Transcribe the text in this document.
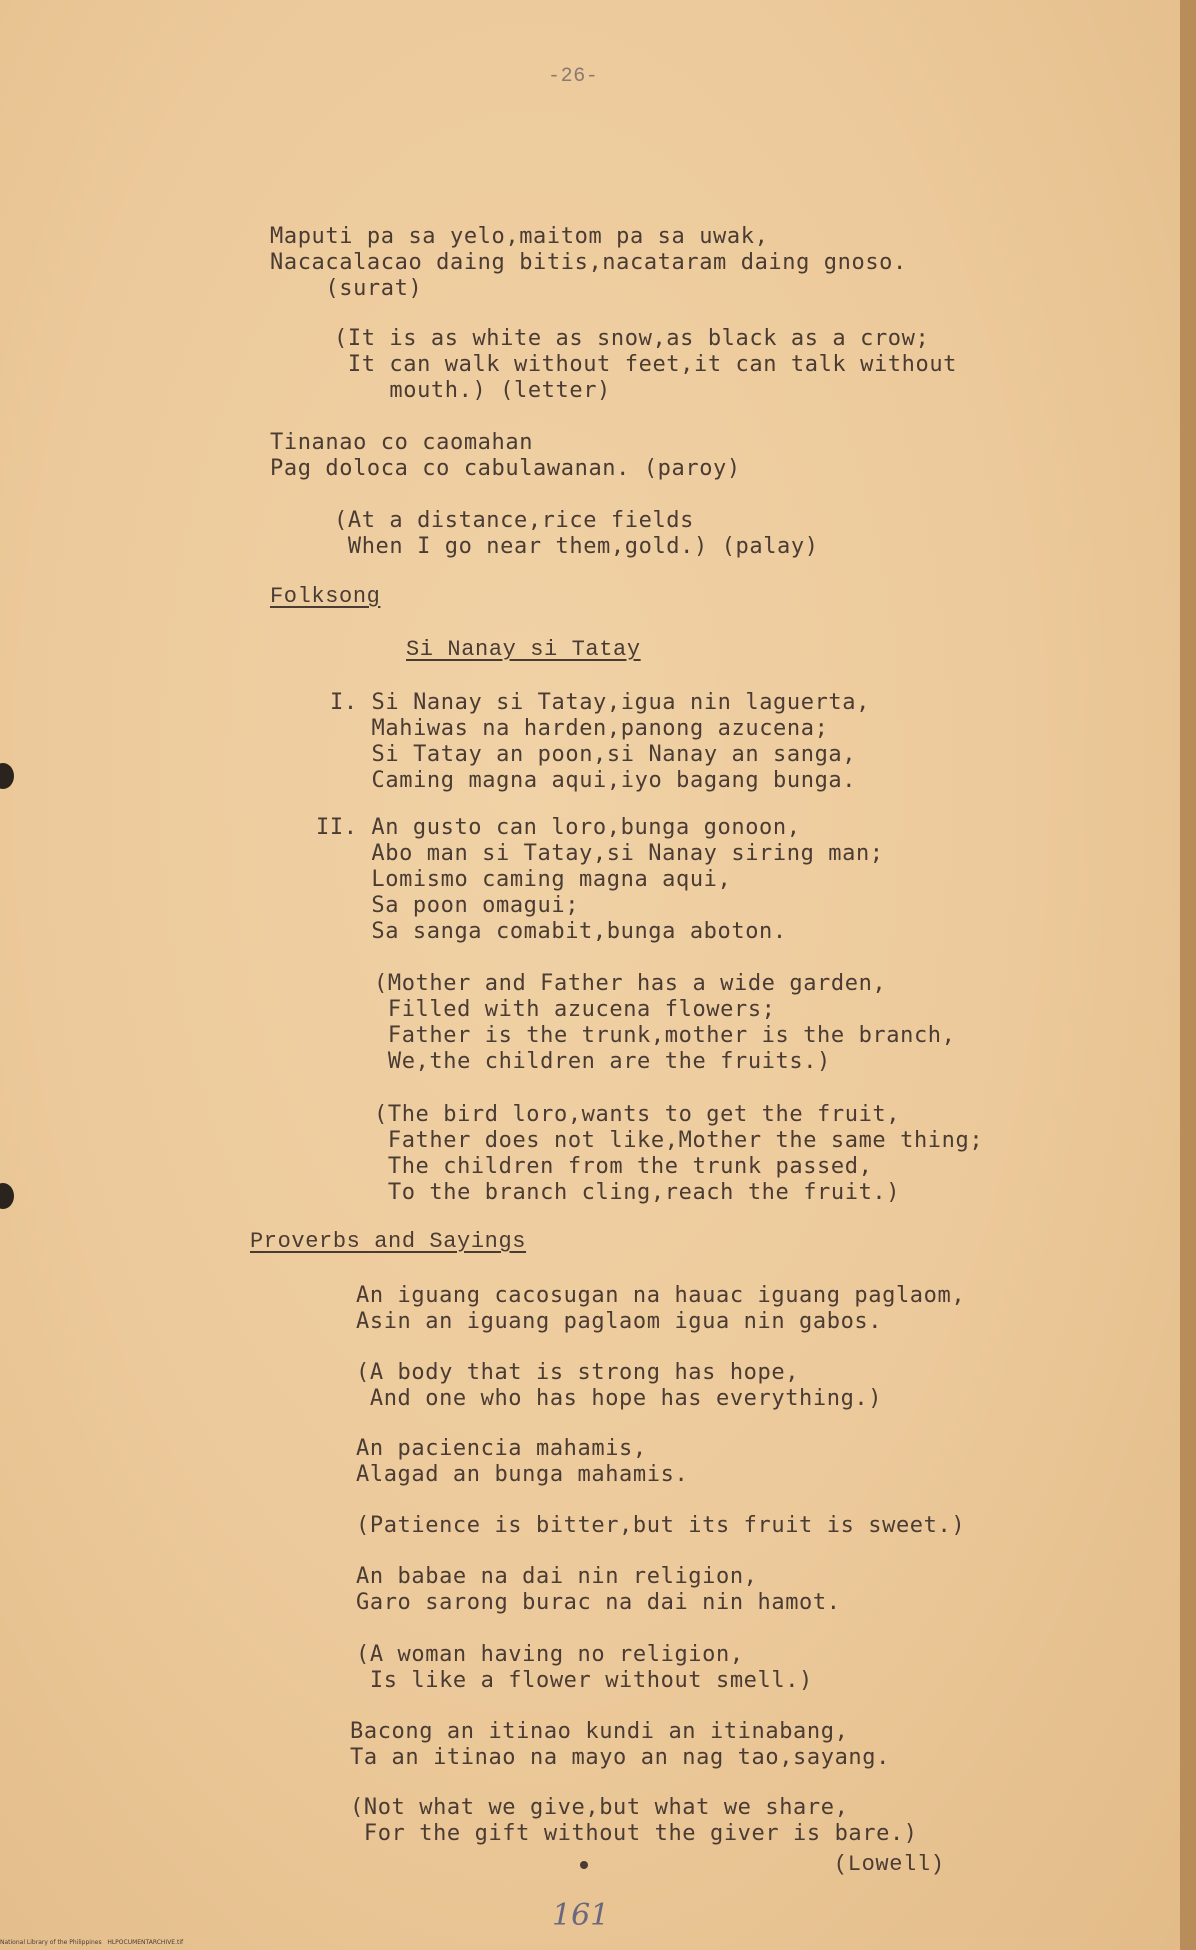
-26-
Maputi pa sa yelo,maitom pa sa uwak,
Nacacalacao daing bitis,nacataram daing gnoso.
(surat)
(It is as white as snow,as black as a crow;
It can walk without feet,it can talk without
mouth.) (letter)
Tinanao co caomahan
Pag doloca co cabulawanan. (paroy)
(At a distance,rice fields
When I go near them,gold.) (palay)
Folksong
Si Nanay si Tatay
I. Si Nanay si Tatay,igua nin laguerta,
Mahiwas na harden,panong azucena;
Si Tatay an poon,si Nanay an sanga,
Caming magna aqui,iyo bagang bunga.
II. An gusto can loro,bunga gonoon,
Abo man si Tatay,si Nanay siring man;
Lomismo caming magna aqui,
Sa poon omagui;
Sa sanga comabit,bunga aboton.
(Mother and Father has a wide garden,
Filled with azucena flowers;
Father is the trunk,mother is the branch,
We,the children are the fruits.)
(The bird loro,wants to get the fruit,
Father does not like,Mother the same thing;
The children from the trunk passed,
To the branch cling,reach the fruit.)
Proverbs and Sayings
An iguang cacosugan na hauac iguang paglaom,
Asin an iguang paglaom igua nin gabos.
(A body that is strong has hope,
And one who has hope has everything.)
An paciencia mahamis,
Alagad an bunga mahamis.
(Patience is bitter,but its fruit is sweet.)
An babae na dai nin religion,
Garo sarong burac na dai nin hamot.
(A woman having no religion,
Is like a flower without smell.)
Bacong an itinao kundi an itinabang,
Ta an itinao na mayo an nag tao,sayang.
(Not what we give,but what we share,
For the gift without the giver is bare.)
(Lowell)
161
National Library of the Philippines HLPOCUMENTARCHIVE.tif
